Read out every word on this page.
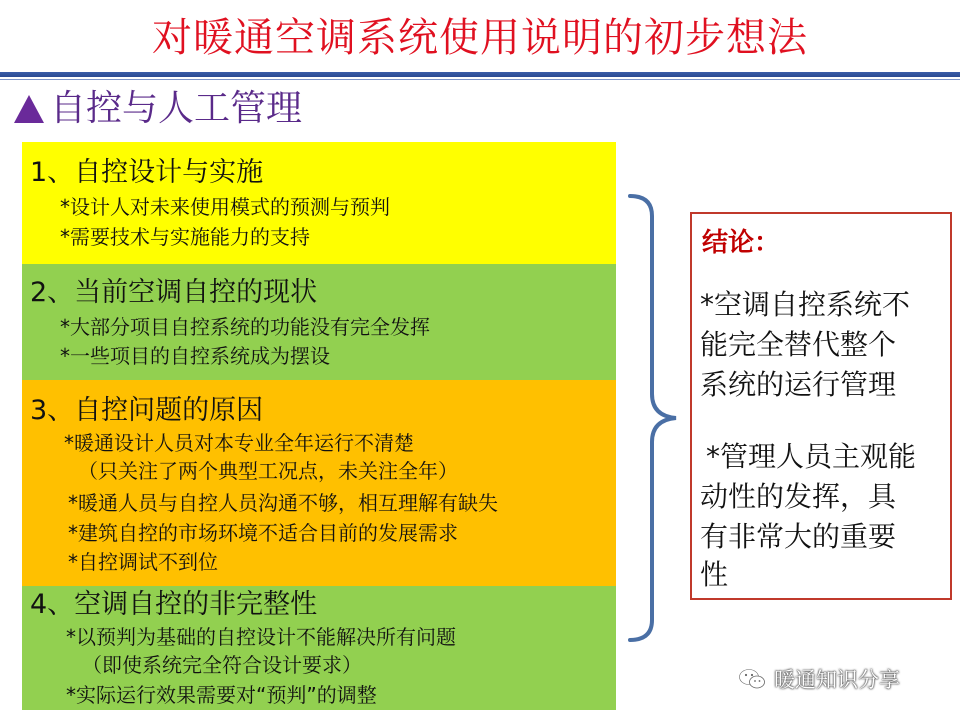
对暖通空调系统使用说明的初步想法
自控与人工管理
1、自控设计与实施
*设计人对未来使用模式的预测与预判
*需要技术与实施能力的支持
2、当前空调自控的现状
*大部分项目自控系统的功能没有完全发挥
*一些项目的自控系统成为摆设
3、自控问题的原因
*暖通设计人员对本专业全年运行不清楚
（只关注了两个典型工况点，未关注全年）
*暖通人员与自控人员沟通不够，相互理解有缺失
*建筑自控的市场环境不适合目前的发展需求
*自控调试不到位
4、空调自控的非完整性
*以预判为基础的自控设计不能解决所有问题
（即使系统完全符合设计要求）
*实际运行效果需要对“预判”的调整
结论：
*空调自控系统不
能完全替代整个
系统的运行管理
*管理人员主观能
动性的发挥，具
有非常大的重要
性
暖通知识分享
